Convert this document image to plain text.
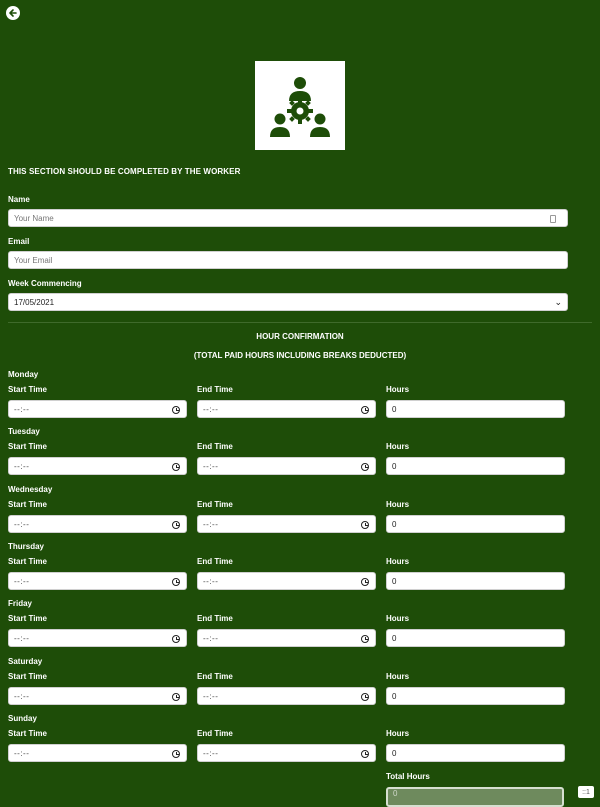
THIS SECTION SHOULD BE COMPLETED BY THE WORKER
Name
Your Name
Email
Your Email
Week Commencing
17/05/2021	⌄
HOUR CONFIRMATION
(TOTAL PAID HOURS INCLUDING BREAKS DEDUCTED)
Monday
Start Time	End Time	Hours
--:--	--:--	0
Tuesday
Start Time	End Time	Hours
--:--	--:--	0
Wednesday
Start Time	End Time	Hours
--:--	--:--	0
Thursday
Start Time	End Time	Hours
--:--	--:--	0
Friday
Start Time	End Time	Hours
--:--	--:--	0
Saturday
Start Time	End Time	Hours
--:--	--:--	0
Sunday
Start Time	End Time	Hours
--:--	--:--	0
Total Hours
0	::1
